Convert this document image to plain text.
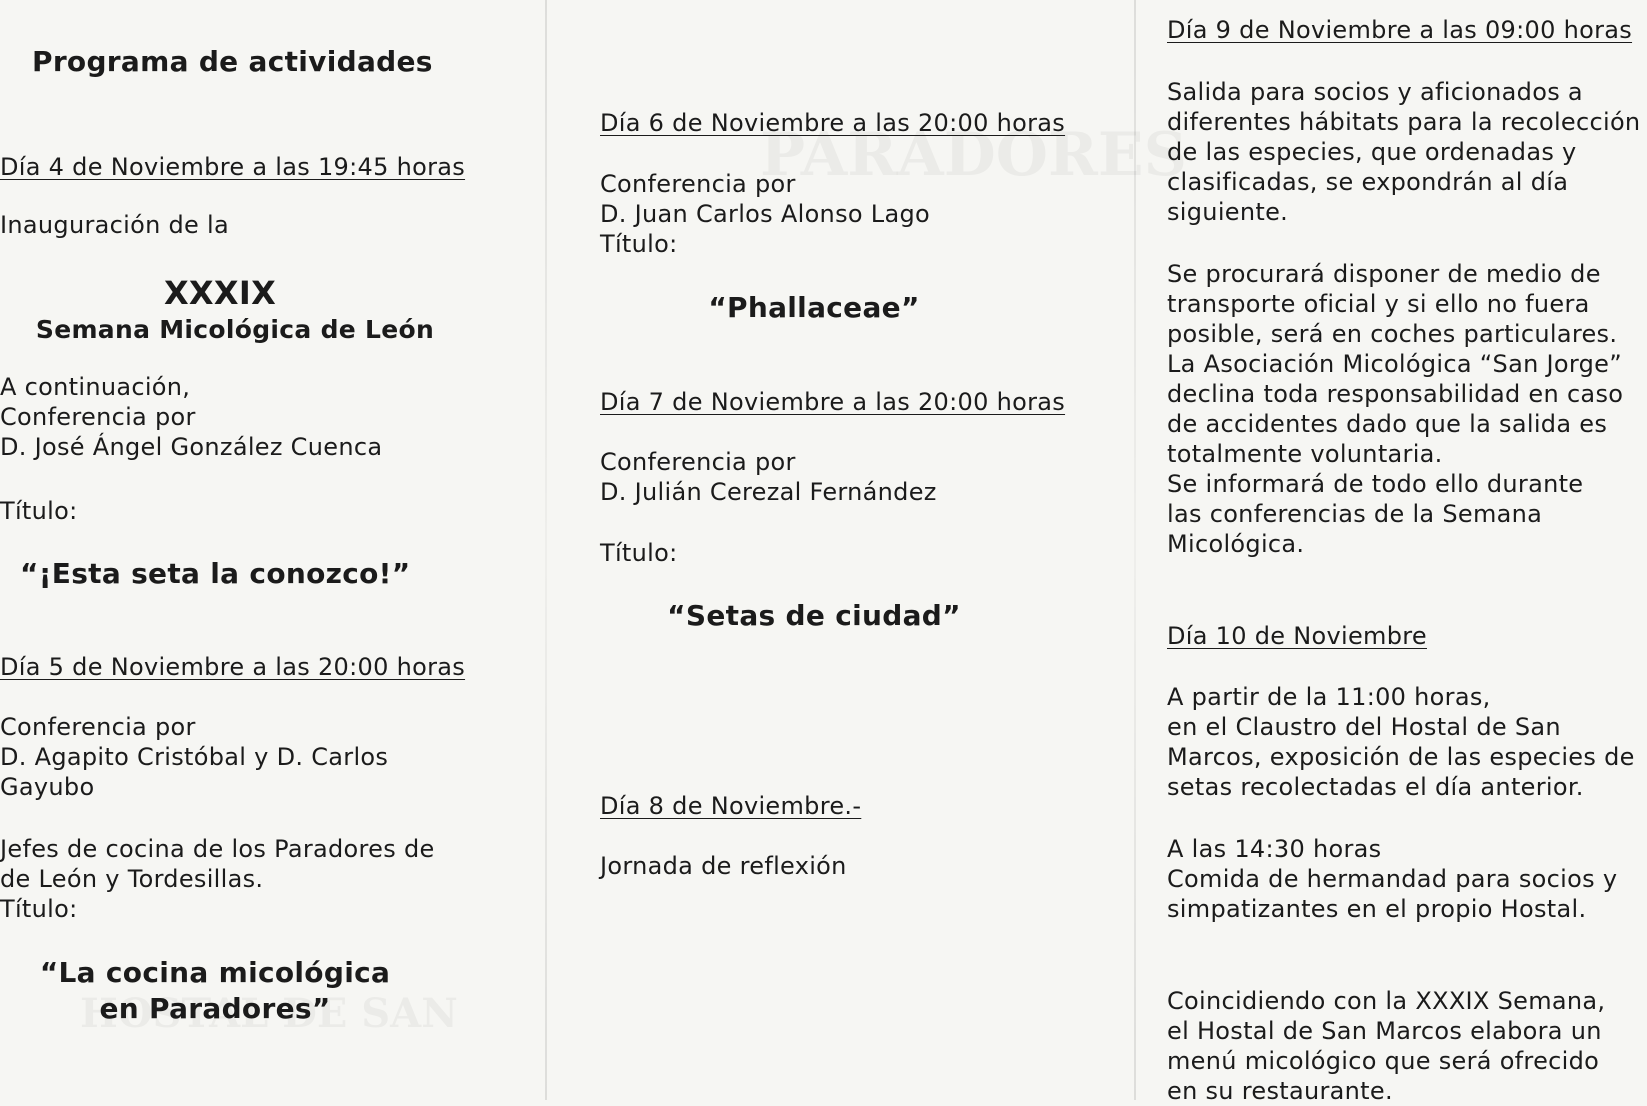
Programa de actividades
Día 4 de Noviembre a las 19:45 horas
Inauguración de la
XXXIX
Semana Micológica de León
A continuación,
Conferencia por
D. José Ángel González Cuenca
Título:
“¡Esta seta la conozco!”
Día 5 de Noviembre a las 20:00 horas
Conferencia por
D. Agapito Cristóbal y D. Carlos
Gayubo
Jefes de cocina de los Paradores de
de León y Tordesillas.
Título:
“La cocina micológica
en Paradores”
Día 6 de Noviembre a las 20:00 horas
Conferencia por
D. Juan Carlos Alonso Lago
Título:
“Phallaceae”
Día 7 de Noviembre a las 20:00 horas
Conferencia por
D. Julián Cerezal Fernández
Título:
“Setas de ciudad”
Día 8 de Noviembre.-
Jornada de reflexión
Día 9 de Noviembre a las 09:00 horas
Salida para socios y aficionados a
diferentes hábitats para la recolección
de las especies, que ordenadas y
clasificadas, se expondrán al día
siguiente.
Se procurará disponer de medio de
transporte oficial y si ello no fuera
posible, será en coches particulares.
La Asociación Micológica “San Jorge”
declina toda responsabilidad en caso
de accidentes dado que la salida es
totalmente voluntaria.
Se informará de todo ello durante
las conferencias de la Semana
Micológica.
Día 10 de Noviembre
A partir de la 11:00 horas,
en el Claustro del Hostal de San
Marcos, exposición de las especies de
setas recolectadas el día anterior.
A las 14:30 horas
Comida de hermandad para socios y
simpatizantes en el propio Hostal.
Coincidiendo con la XXXIX Semana,
el Hostal de San Marcos elabora un
menú micológico que será ofrecido
en su restaurante.
